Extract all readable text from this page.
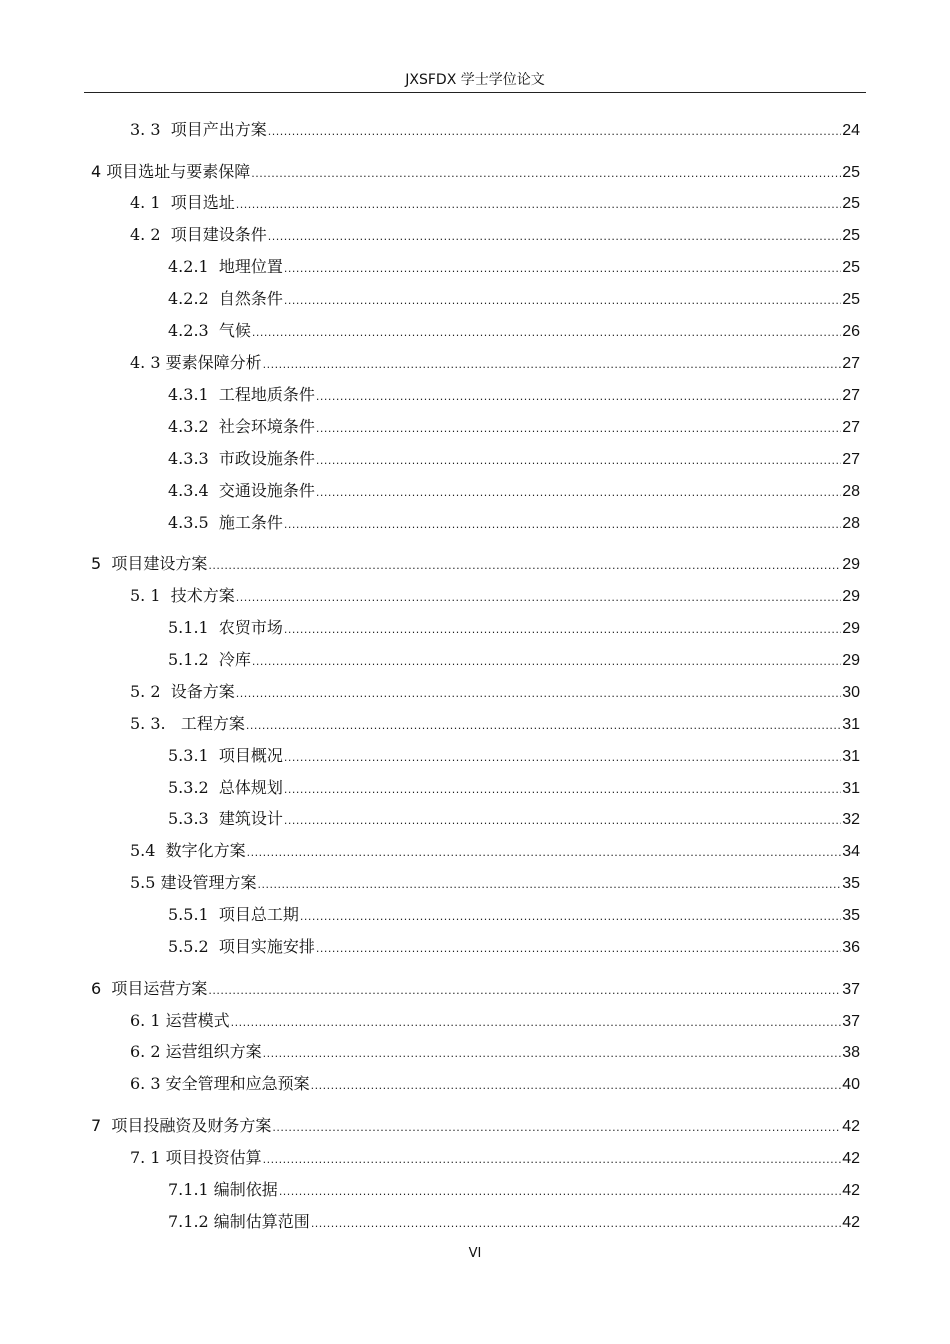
JXSFDX 学士学位论文
3. 3  项目产出方案 .....	24
4 项目选址与要素保障 .....	25
4. 1  项目选址 .....	25
4. 2  项目建设条件 .....	25
4.2.1  地理位置 .....	25
4.2.2  自然条件 .....	25
4.2.3  气候 .....	26
4. 3 要素保障分析 .....	27
4.3.1  工程地质条件 .....	27
4.3.2  社会环境条件 .....	27
4.3.3  市政设施条件 .....	27
4.3.4  交通设施条件 .....	28
4.3.5  施工条件 .....	28
5  项目建设方案 .....	29
5. 1  技术方案 .....	29
5.1.1  农贸市场 .....	29
5.1.2  冷库 .....	29
5. 2  设备方案 .....	30
5. 3.   工程方案 .....	31
5.3.1  项目概况 .....	31
5.3.2  总体规划 .....	31
5.3.3  建筑设计 .....	32
5.4  数字化方案 .....	34
5.5 建设管理方案 .....	35
5.5.1  项目总工期 .....	35
5.5.2  项目实施安排 .....	36
6  项目运营方案 .....	37
6. 1 运营模式 .....	37
6. 2 运营组织方案 .....	38
6. 3 安全管理和应急预案 .....	40
7  项目投融资及财务方案 .....	42
7. 1 项目投资估算 .....	42
7.1.1 编制依据 .....	42
7.1.2 编制估算范围 .....	42
VI
